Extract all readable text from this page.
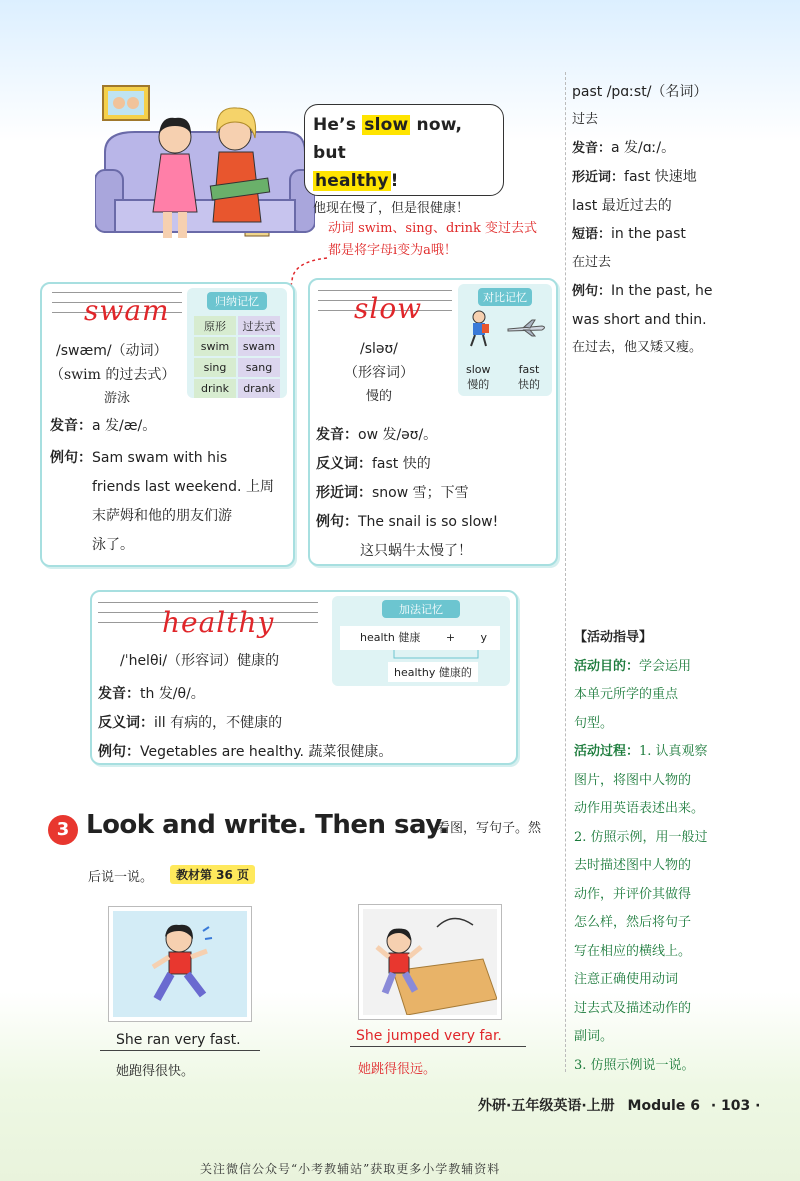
He’s slow now, but
healthy !
他现在慢了，但是很健康！
动词 swim、sing、drink 变过去式
都是将字母i变为a哦！
swam
/swæm/（动词）
（swim 的过去式）
游泳
归纳记忆
原形	过去式
swim	swam
sing	sang
drink	drank
发音：a 发/æ/。
例句：Sam swam with his
friends last weekend. 上周
末萨姆和他的朋友们游
泳了。
slow
/sləʊ/
（形容词）
慢的
对比记忆
slow
慢的
fast
快的
发音：ow 发/əʊ/。
反义词：fast 快的
形近词：snow 雪；下雪
例句：The snail is so slow!
这只蜗牛太慢了！
healthy
/ˈhelθi/（形容词）健康的
加法记忆
health 健康 + y
healthy 健康的
发音：th 发/θ/。
反义词：ill 有病的，不健康的
例句：Vegetables are healthy. 蔬菜很健康。
past /pɑːst/（名词）
过去
发音：a 发/ɑː/。
形近词：fast 快速地
last 最近过去的
短语：in the past
在过去
例句：In the past, he
was short and thin.
在过去，他又矮又瘦。
【活动指导】
活动目的：学会运用
本单元所学的重点
句型。
活动过程：1. 认真观察
图片，将图中人物的
动作用英语表述出来。
2. 仿照示例，用一般过
去时描述图中人物的
动作，并评价其做得
怎么样，然后将句子
写在相应的横线上。
注意正确使用动词
过去式及描述动作的
副词。
3. 仿照示例说一说。
3 Look and write. Then say.
看图，写句子。然
后说一说。	教材第 36 页
She ran very fast.
她跑得很快。
She jumped very far.
她跳得很远。
外研·五年级英语·上册 Module 6 · 103 ·
关注微信公众号“小考教辅站”获取更多小学教辅资料
